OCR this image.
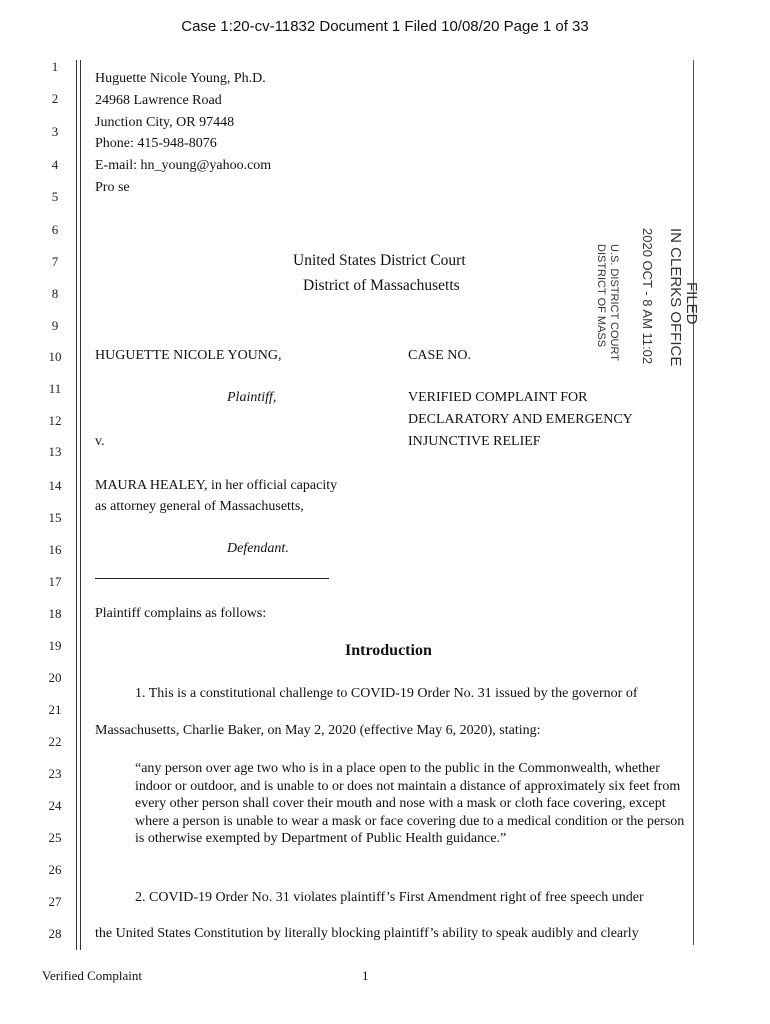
Case 1:20-cv-11832 Document 1 Filed 10/08/20 Page 1 of 33
1
2
3
4
5
6
7
8
9
10
11
12
13
14
15
16
17
18
19
20
21
22
23
24
25
26
27
28
Huguette Nicole Young, Ph.D.
24968 Lawrence Road
Junction City, OR 97448
Phone: 415-948-8076
E-mail: hn_young@yahoo.com
Pro se
United States District Court
District of Massachusetts	FILED
IN CLERKS OFFICE
2020 OCT - 8 AM 11:02
U.S. DISTRICT COURT
DISTRICT OF MASS
HUGUETTE NICOLE YOUNG,	CASE NO.
Plaintiff,	VERIFIED COMPLAINT FOR
DECLARATORY AND EMERGENCY
v.	INJUNCTIVE RELIEF
MAURA HEALEY, in her official capacity
as attorney general of Massachusetts,
Defendant.
Plaintiff complains as follows:
Introduction
1. This is a constitutional challenge to COVID-19 Order No. 31 issued by the governor of
Massachusetts, Charlie Baker, on May 2, 2020 (effective May 6, 2020), stating:
“any person over age two who is in a place open to the public in the Commonwealth, whether indoor or outdoor, and is unable to or does not maintain a distance of approximately six feet from every other person shall cover their mouth and nose with a mask or cloth face covering, except where a person is unable to wear a mask or face covering due to a medical condition or the person is otherwise exempted by Department of Public Health guidance.”
2. COVID-19 Order No. 31 violates plaintiff’s First Amendment right of free speech under
the United States Constitution by literally blocking plaintiff’s ability to speak audibly and clearly
Verified Complaint	1
